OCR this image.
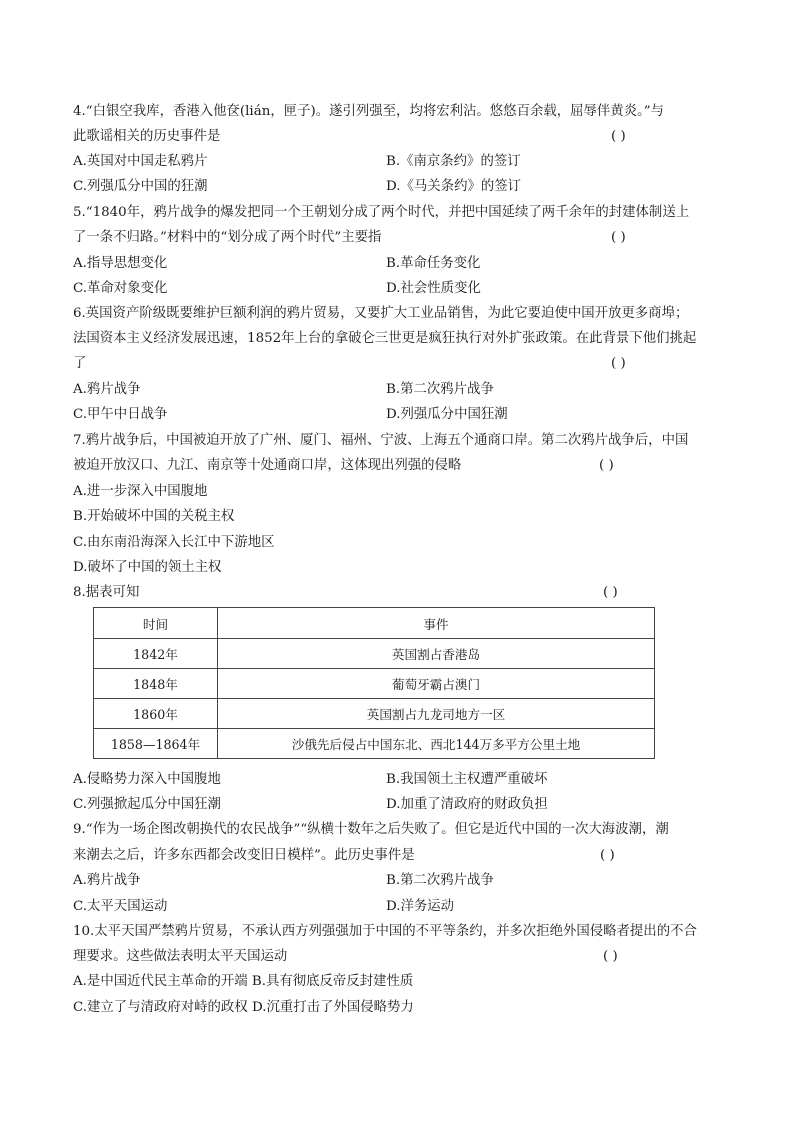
4.“白银空我库，香港入他奁(lián，匣子)。遂引列强至，均将宏利沾。悠悠百余载，屈辱伴黄炎。”与
此歌谣相关的历史事件是	( )
A.英国对中国走私鸦片	B.《南京条约》的签订
C.列强瓜分中国的狂潮	D.《马关条约》的签订
5.“1840年，鸦片战争的爆发把同一个王朝划分成了两个时代，并把中国延续了两千余年的封建体制送上
了一条不归路。”材料中的“划分成了两个时代”主要指	( )
A.指导思想变化	B.革命任务变化
C.革命对象变化	D.社会性质变化
6.英国资产阶级既要维护巨额利润的鸦片贸易，又要扩大工业品销售，为此它要迫使中国开放更多商埠；
法国资本主义经济发展迅速，1852年上台的拿破仑三世更是疯狂执行对外扩张政策。在此背景下他们挑起
了	( )
A.鸦片战争	B.第二次鸦片战争
C.甲午中日战争	D.列强瓜分中国狂潮
7.鸦片战争后，中国被迫开放了广州、厦门、福州、宁波、上海五个通商口岸。第二次鸦片战争后，中国
被迫开放汉口、九江、南京等十处通商口岸，这体现出列强的侵略	( )
A.进一步深入中国腹地
B.开始破坏中国的关税主权
C.由东南沿海深入长江中下游地区
D.破坏了中国的领土主权
8.据表可知	( )
时间	事件
1842年	英国割占香港岛
1848年	葡萄牙霸占澳门
1860年	英国割占九龙司地方一区
1858—1864年	沙俄先后侵占中国东北、西北144万多平方公里土地
A.侵略势力深入中国腹地	B.我国领土主权遭严重破坏
C.列强掀起瓜分中国狂潮	D.加重了清政府的财政负担
9.“作为一场企图改朝换代的农民战争”“纵横十数年之后失败了。但它是近代中国的一次大海波潮，潮
来潮去之后，许多东西都会改变旧日模样”。此历史事件是	( )
A.鸦片战争	B.第二次鸦片战争
C.太平天国运动	D.洋务运动
10.太平天国严禁鸦片贸易，不承认西方列强强加于中国的不平等条约，并多次拒绝外国侵略者提出的不合
理要求。这些做法表明太平天国运动	( )
A.是中国近代民主革命的开端 B.具有彻底反帝反封建性质
C.建立了与清政府对峙的政权 D.沉重打击了外国侵略势力
